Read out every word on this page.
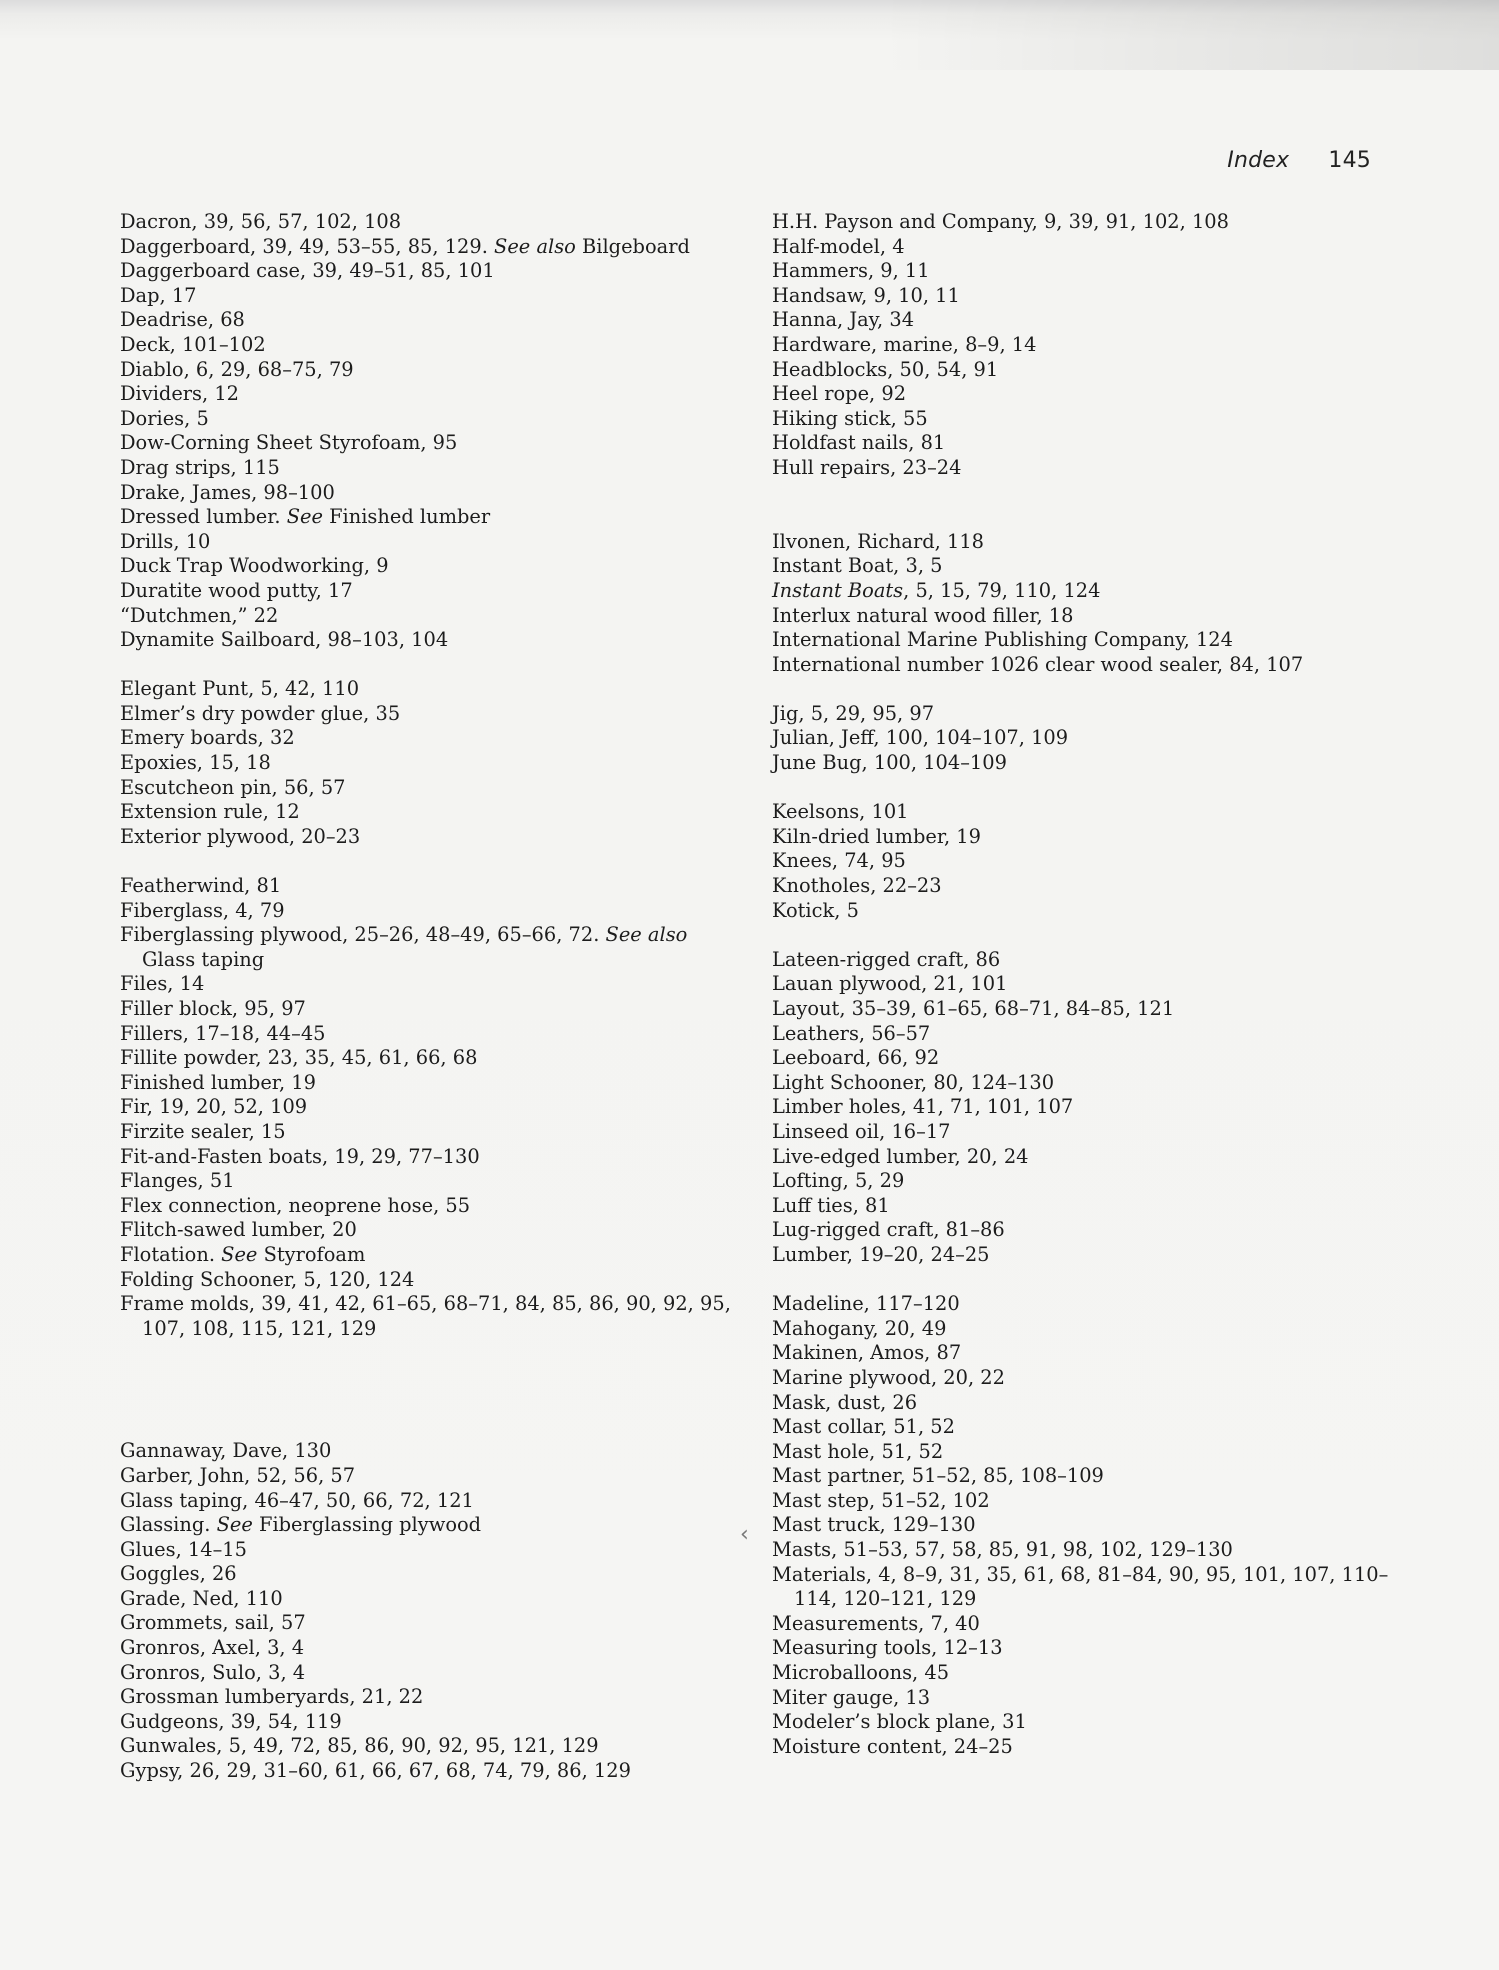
Index 145
Dacron, 39, 56, 57, 102, 108
Daggerboard, 39, 49, 53–55, 85, 129. See also Bilgeboard
Daggerboard case, 39, 49–51, 85, 101
Dap, 17
Deadrise, 68
Deck, 101–102
Diablo, 6, 29, 68–75, 79
Dividers, 12
Dories, 5
Dow-Corning Sheet Styrofoam, 95
Drag strips, 115
Drake, James, 98–100
Dressed lumber. See Finished lumber
Drills, 10
Duck Trap Woodworking, 9
Duratite wood putty, 17
“Dutchmen,” 22
Dynamite Sailboard, 98–103, 104
Elegant Punt, 5, 42, 110
Elmer’s dry powder glue, 35
Emery boards, 32
Epoxies, 15, 18
Escutcheon pin, 56, 57
Extension rule, 12
Exterior plywood, 20–23
Featherwind, 81
Fiberglass, 4, 79
Fiberglassing plywood, 25–26, 48–49, 65–66, 72. See also Glass taping
Files, 14
Filler block, 95, 97
Fillers, 17–18, 44–45
Fillite powder, 23, 35, 45, 61, 66, 68
Finished lumber, 19
Fir, 19, 20, 52, 109
Firzite sealer, 15
Fit-and-Fasten boats, 19, 29, 77–130
Flanges, 51
Flex connection, neoprene hose, 55
Flitch-sawed lumber, 20
Flotation. See Styrofoam
Folding Schooner, 5, 120, 124
Frame molds, 39, 41, 42, 61–65, 68–71, 84, 85, 86, 90, 92, 95, 107, 108, 115, 121, 129
Gannaway, Dave, 130
Garber, John, 52, 56, 57
Glass taping, 46–47, 50, 66, 72, 121
Glassing. See Fiberglassing plywood
Glues, 14–15
Goggles, 26
Grade, Ned, 110
Grommets, sail, 57
Gronros, Axel, 3, 4
Gronros, Sulo, 3, 4
Grossman lumberyards, 21, 22
Gudgeons, 39, 54, 119
Gunwales, 5, 49, 72, 85, 86, 90, 92, 95, 121, 129
Gypsy, 26, 29, 31–60, 61, 66, 67, 68, 74, 79, 86, 129
H.H. Payson and Company, 9, 39, 91, 102, 108
Half-model, 4
Hammers, 9, 11
Handsaw, 9, 10, 11
Hanna, Jay, 34
Hardware, marine, 8–9, 14
Headblocks, 50, 54, 91
Heel rope, 92
Hiking stick, 55
Holdfast nails, 81
Hull repairs, 23–24
Ilvonen, Richard, 118
Instant Boat, 3, 5
Instant Boats, 5, 15, 79, 110, 124
Interlux natural wood filler, 18
International Marine Publishing Company, 124
International number 1026 clear wood sealer, 84, 107
Jig, 5, 29, 95, 97
Julian, Jeff, 100, 104–107, 109
June Bug, 100, 104–109
Keelsons, 101
Kiln-dried lumber, 19
Knees, 74, 95
Knotholes, 22–23
Kotick, 5
Lateen-rigged craft, 86
Lauan plywood, 21, 101
Layout, 35–39, 61–65, 68–71, 84–85, 121
Leathers, 56–57
Leeboard, 66, 92
Light Schooner, 80, 124–130
Limber holes, 41, 71, 101, 107
Linseed oil, 16–17
Live-edged lumber, 20, 24
Lofting, 5, 29
Luff ties, 81
Lug-rigged craft, 81–86
Lumber, 19–20, 24–25
Madeline, 117–120
Mahogany, 20, 49
Makinen, Amos, 87
Marine plywood, 20, 22
Mask, dust, 26
Mast collar, 51, 52
Mast hole, 51, 52
Mast partner, 51–52, 85, 108–109
Mast step, 51–52, 102
Mast truck, 129–130
Masts, 51–53, 57, 58, 85, 91, 98, 102, 129–130
Materials, 4, 8–9, 31, 35, 61, 68, 81–84, 90, 95, 101, 107, 110–114, 120–121, 129
Measurements, 7, 40
Measuring tools, 12–13
Microballoons, 45
Miter gauge, 13
Modeler’s block plane, 31
Moisture content, 24–25
‹
